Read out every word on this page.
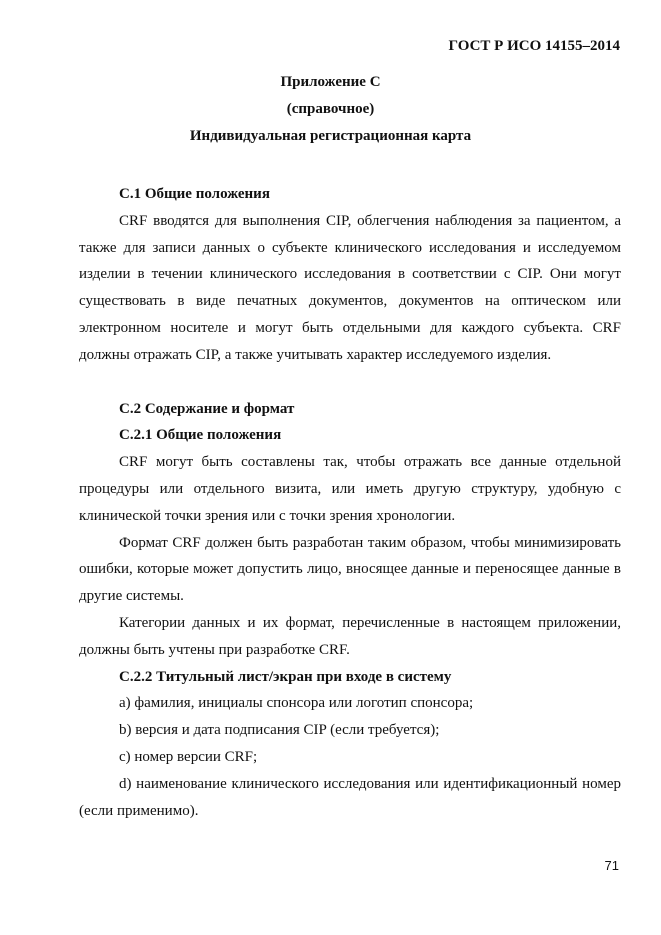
ГОСТ Р ИСО 14155–2014
Приложение С
(справочное)
Индивидуальная регистрационная карта

С.1 Общие положения

CRF вводятся для выполнения CIP, облегчения наблюдения за пациентом, а также для записи данных о субъекте клинического исследования и исследуемом изделии в течении клинического исследования в соответствии с CIP. Они могут существовать в виде печатных документов, документов на оптическом или электронном носителе и могут быть отдельными для каждого субъекта. CRF должны отражать CIP, а также учитывать характер исследуемого изделия.

С.2 Содержание и формат

С.2.1 Общие положения

CRF могут быть составлены так, чтобы отражать все данные отдельной процедуры или отдельного визита, или иметь другую структуру, удобную с клинической точки зрения или с точки зрения хронологии.

Формат CRF должен быть разработан таким образом, чтобы минимизировать ошибки, которые может допустить лицо, вносящее данные и переносящее данные в другие системы.

Категории данных и их формат, перечисленные в настоящем приложении, должны быть учтены при разработке CRF.

С.2.2 Титульный лист/экран при входе в систему

а) фамилия, инициалы спонсора или логотип спонсора;

b) версия и дата подписания CIP (если требуется);

с) номер версии CRF;

d) наименование клинического исследования или идентификационный номер (если применимо).

71
